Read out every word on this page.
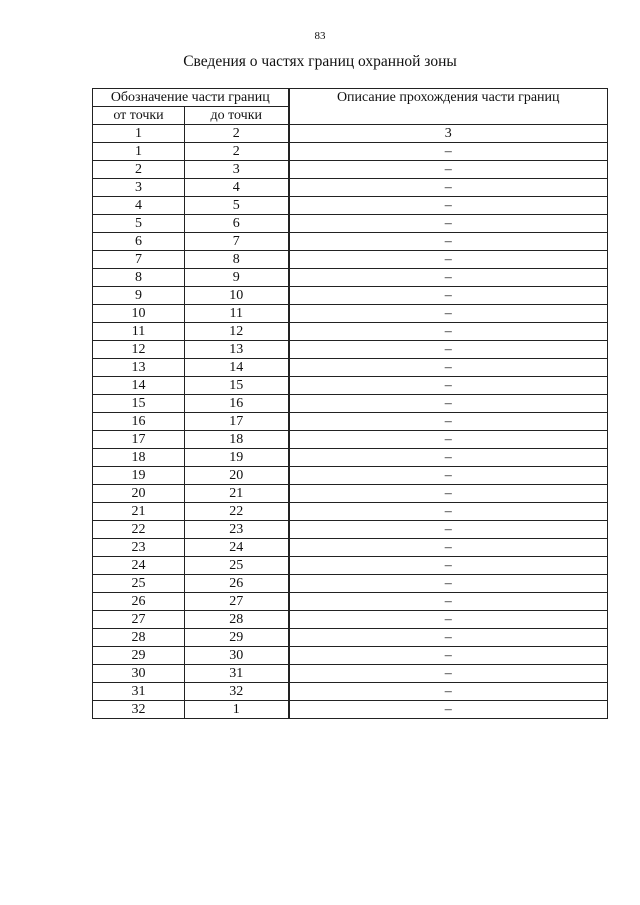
83
Сведения о частях границ охранной зоны
Обозначение части границ		Описание прохождения части границ
от точки	до точки	
1	2	3
1	2	–
2	3	–
3	4	–
4	5	–
5	6	–
6	7	–
7	8	–
8	9	–
9	10	–
10	11	–
11	12	–
12	13	–
13	14	–
14	15	–
15	16	–
16	17	–
17	18	–
18	19	–
19	20	–
20	21	–
21	22	–
22	23	–
23	24	–
24	25	–
25	26	–
26	27	–
27	28	–
28	29	–
29	30	–
30	31	–
31	32	–
32	1	–
